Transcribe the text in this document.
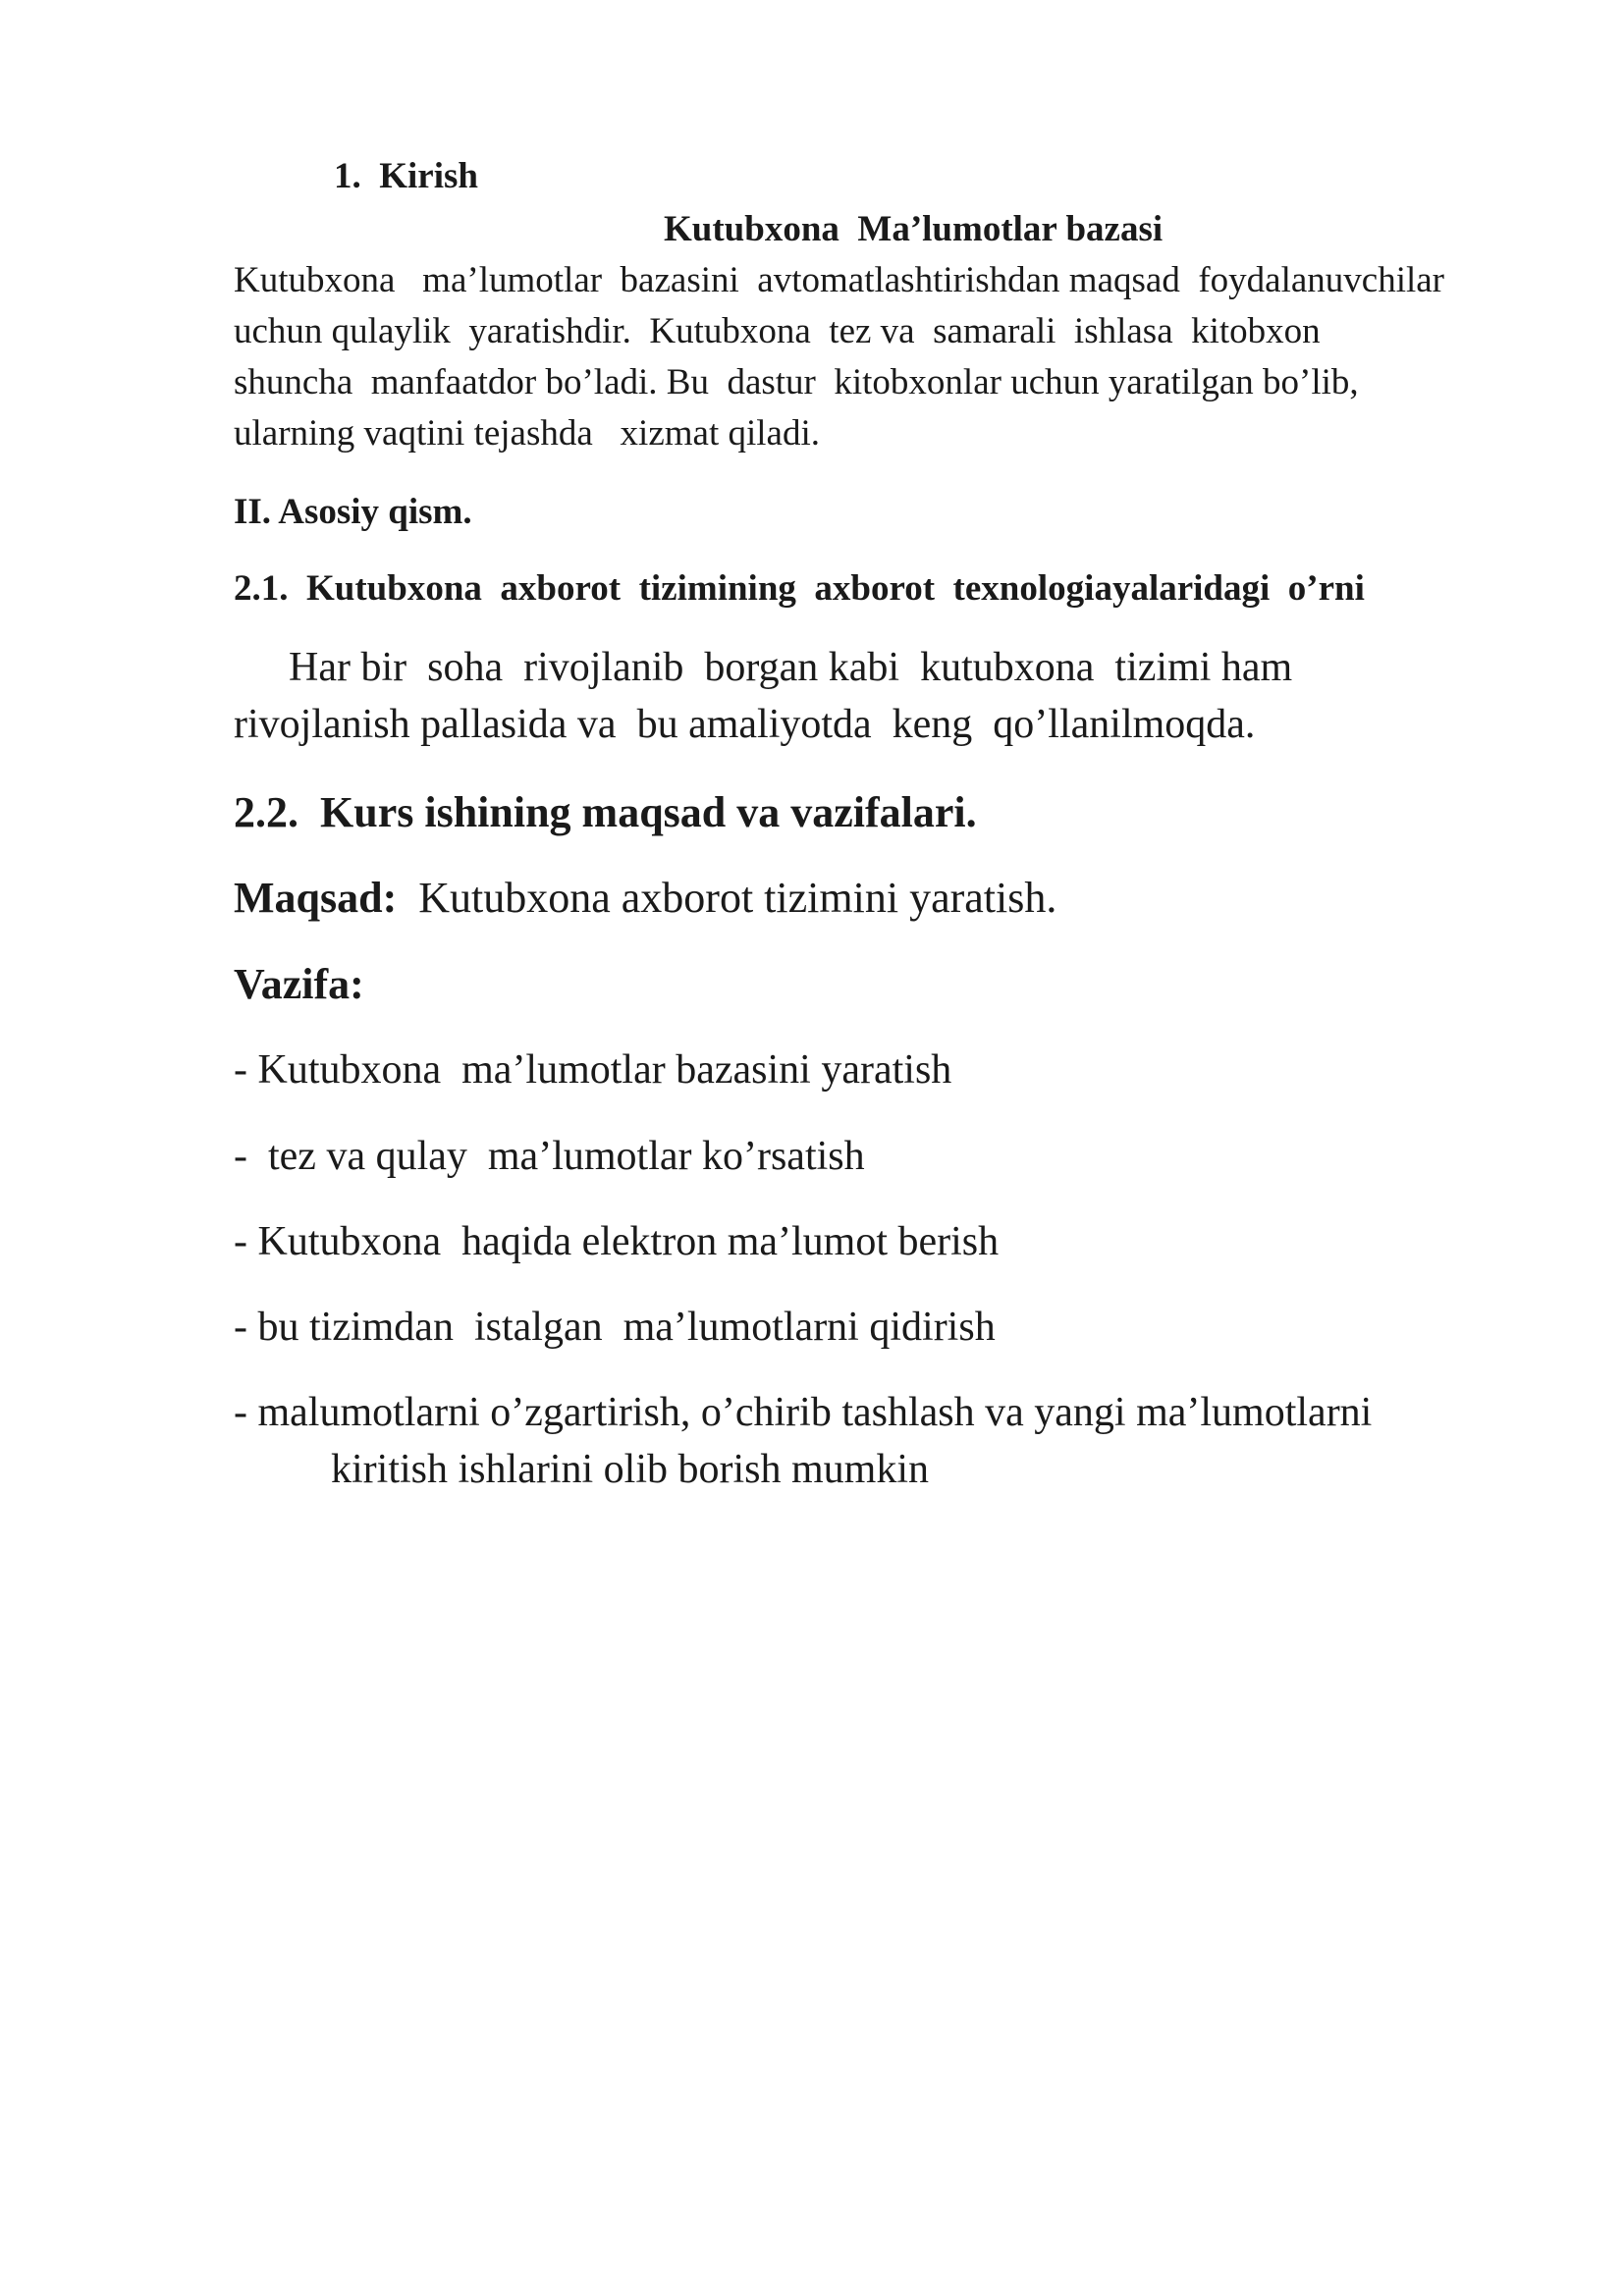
1.  Kirish

Kutubxona  Ma’lumotlar bazasi

Kutubxona   ma’lumotlar  bazasini  avtomatlashtirishdan maqsad  foydalanuvchilar

uchun qulaylik  yaratishdir.  Kutubxona  tez va  samarali  ishlasa  kitobxon

shuncha  manfaatdor bo’ladi. Bu  dastur  kitobxonlar uchun yaratilgan bo’lib,

ularning vaqtini tejashda   xizmat qiladi.

II. Asosiy qism.

2.1.  Kutubxona  axborot  tizimining  axborot  texnologiayalaridagi  o’rni

Har bir  soha  rivojlanib  borgan kabi  kutubxona  tizimi ham

rivojlanish pallasida va  bu amaliyotda  keng  qo’llanilmoqda.

2.2.  Kurs ishining maqsad va vazifalari.

Maqsad:  Kutubxona axborot tizimini yaratish.

Vazifa:

- Kutubxona  ma’lumotlar bazasini yaratish

-  tez va qulay  ma’lumotlar ko’rsatish

- Kutubxona  haqida elektron ma’lumot berish

- bu tizimdan  istalgan  ma’lumotlarni qidirish

- malumotlarni o’zgartirish, o’chirib tashlash va yangi ma’lumotlarni

kiritish ishlarini olib borish mumkin
